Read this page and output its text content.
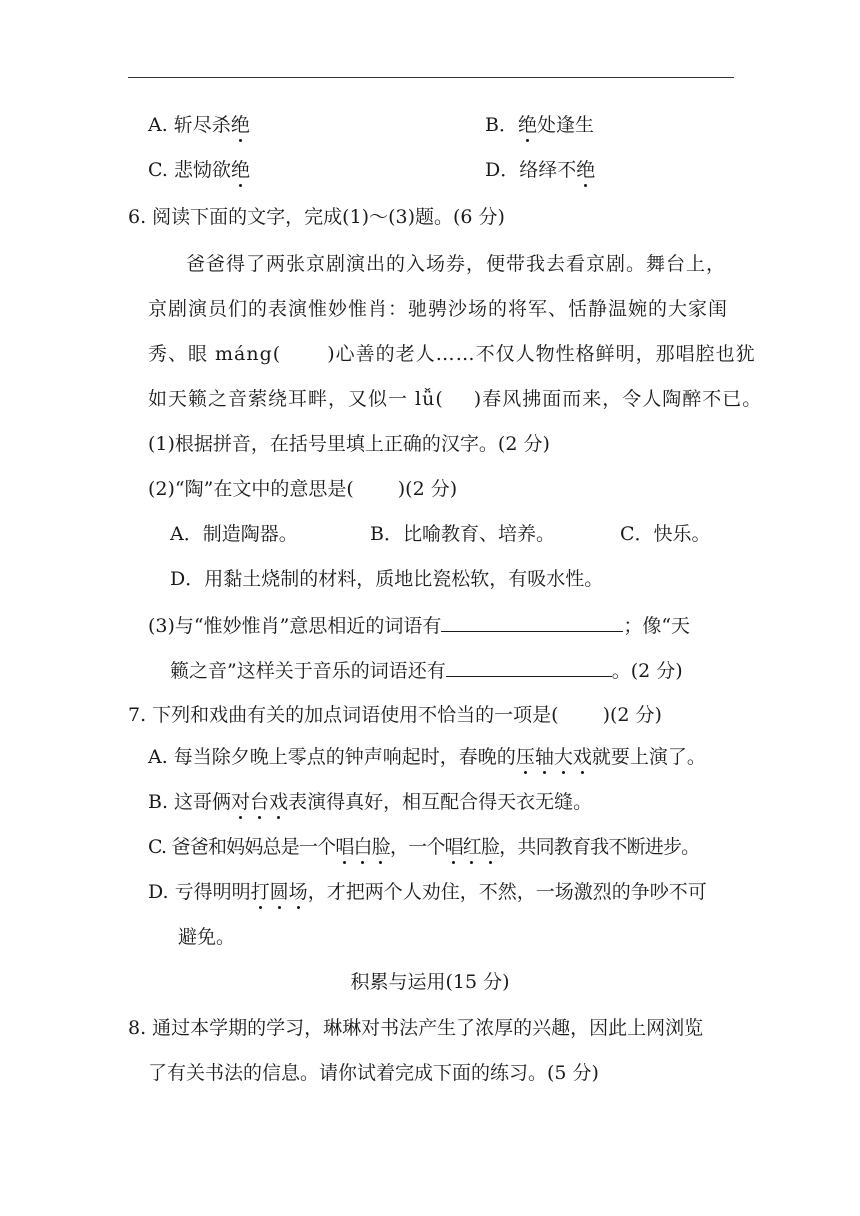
A. 斩尽杀绝	B．绝处逢生
C. 悲恸欲绝	D．络绎不绝
6. 阅读下面的文字，完成(1)～(3)题。(6 分)
爸爸得了两张京剧演出的入场券，便带我去看京剧。舞台上，
京剧演员们的表演惟妙惟肖：驰骋沙场的将军、恬静温婉的大家闺
秀、眼 máng( )心善的老人……不仅人物性格鲜明，那唱腔也犹
如天籁之音萦绕耳畔，又似一 lǚ( )春风拂面而来，令人陶醉不已。
(1)根据拼音，在括号里填上正确的汉字。(2 分)
(2)“陶”在文中的意思是( )(2 分)
A．制造陶器。	B．比喻教育、培养。	C．快乐。
D．用黏土烧制的材料，质地比瓷松软，有吸水性。
(3)与“惟妙惟肖”意思相近的词语有	；像“天
籁之音”这样关于音乐的词语还有	。(2 分)
7. 下列和戏曲有关的加点词语使用不恰当的一项是( )(2 分)
A. 每当除夕晚上零点的钟声响起时，春晚的压轴大戏就要上演了。
B. 这哥俩对台戏表演得真好，相互配合得天衣无缝。
C. 爸爸和妈妈总是一个唱白脸，一个唱红脸，共同教育我不断进步。
D. 亏得明明打圆场，才把两个人劝住，不然，一场激烈的争吵不可
避免。
积累与运用(15 分)
8. 通过本学期的学习，琳琳对书法产生了浓厚的兴趣，因此上网浏览
了有关书法的信息。请你试着完成下面的练习。(5 分)
